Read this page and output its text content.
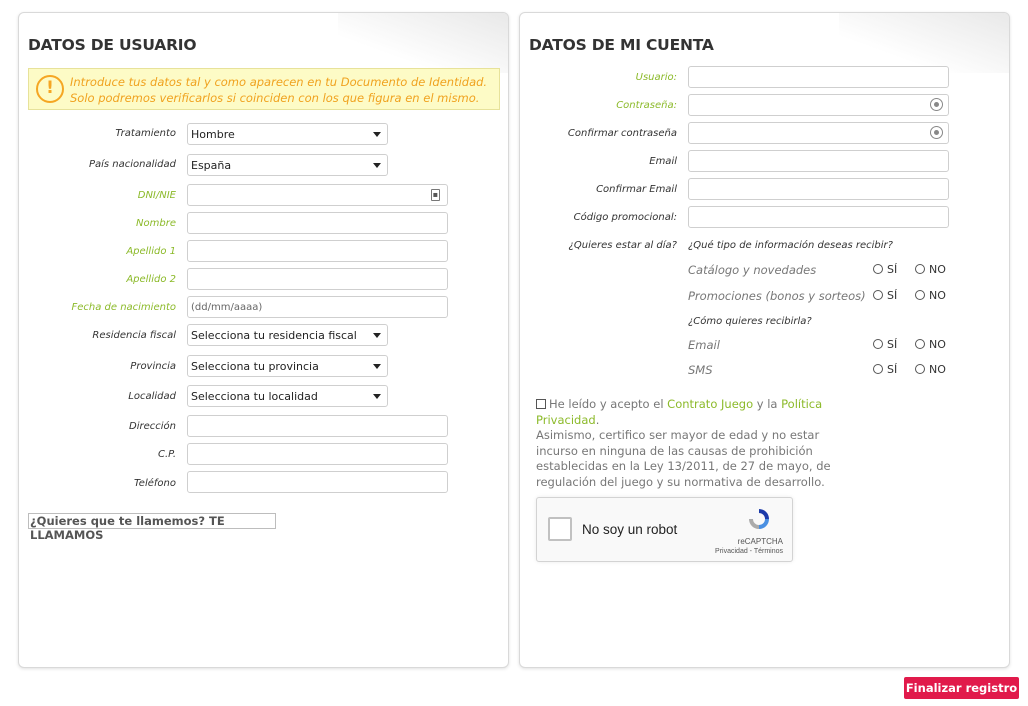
DATOS DE USUARIO
!	Introduce tus datos tal y como aparecen en tu Documento de Identidad. Solo podremos verificarlos si coinciden con los que figura en el mismo.
Tratamiento	Hombre
País nacionalidad	España
DNI/NIE	▪
Nombre
Apellido 1
Apellido 2
Fecha de nacimiento	(dd/mm/aaaa)
Residencia fiscal	Selecciona tu residencia fiscal
Provincia	Selecciona tu provincia
Localidad	Selecciona tu localidad
Dirección
C.P.
Teléfono
¿Quieres que te llamemos? TE LLAMAMOS
DATOS DE MI CUENTA
Usuario:
Contraseña:
Confirmar contraseña
Email
Confirmar Email
Código promocional:
¿Quieres estar al día? ¿Qué tipo de información deseas recibir?
Catálogo y novedades	SÍ	NO
Promociones (bonos y sorteos) SÍ	NO
¿Cómo quieres recibirla?
Email	SÍ	NO
SMS	SÍ	NO
He leído y acepto el Contrato Juego y la Política Privacidad.
Asimismo, certifico ser mayor de edad y no estar incurso en ninguna de las causas de prohibición establecidas en la Ley 13/2011, de 27 de mayo, de regulación del juego y su normativa de desarrollo.
No soy un robot
reCAPTCHA
Privacidad - Términos
Finalizar registro
